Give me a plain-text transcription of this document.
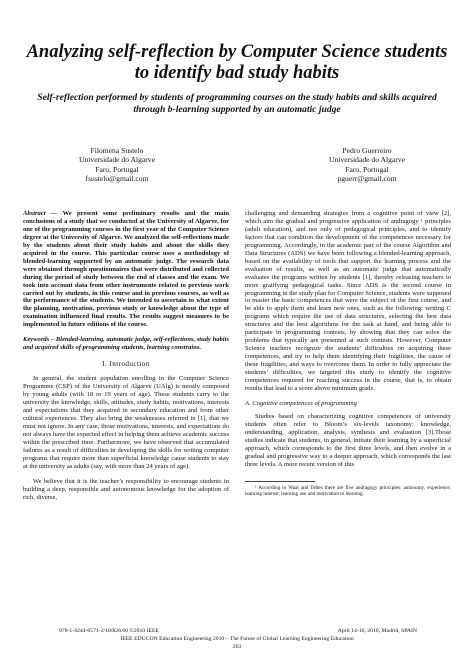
Analyzing self-reflection by Computer Science students to identify bad study habits
Self-reflection performed by students of programming courses on the study habits and skills acquired through b-learning supported by an automatic judge
Filomena Sustelo
Universidade do Algarve
Faro, Portugal
fsustelo@gmail.com
Pedro Guerreiro
Universidade do Algarve
Faro, Portugal
pguerr@gmail.com

Abstract — We present some preliminary results and the main conclusions of a study that we conducted at the University of Algarve, for one of the programming courses in the first year of the Computer Science degree at the University of Algarve. We analyzed the self-reflections made by the students about their study habits and about the skills they acquired in the course. This particular course uses a methodology of blended-learning supported by an automatic judge. The research data were obtained through questionnaires that were distributed and collected during the period of study between the end of classes and the exam. We took into account data from other instruments related to previous work carried out by students, in this course and in previous courses, as well as the performance of the students. We intended to ascertain to what extent the planning, motivation, previous study or knowledge about the type of examination influenced final results. The results suggest measures to be implemented in future editions of the course.

Keywords – Blended-learning, automatic judge, self-reflections, study habits and acquired skills of programming students, learning constrains.

I. Introduction

In general, the student population enrolling in the Computer Science Programme (CSP) of the University of Algarve (UAlg) is mostly composed by young adults (with 18 or 19 years of age). These students carry to the university the knowledge, skills, attitudes, study habits, motivations, interests and expectations that they acquired in secondary education and from other cultural experiences. They also bring the weaknesses referred in [1], that we must not ignore. In any case, those motivations, interests, and expectations do not always have the expected effect in helping them achieve academic success within the prescribed time. Furthermore, we have observed that accumulated failures as a result of difficulties in developing the skills for writing computer programs that require more than superficial knowledge cause students to stay at the university as adults (say, with more than 24 years of age).

We believe that it is the teacher’s responsibility to encourage students in building a deep, responsible and autonomous knowledge for the adoption of rich, diverse,

challenging and demanding strategies from a cognitive point of view [2], which aim the gradual and progressive application of andragogy ¹ principles (adult education), and not only of pedagogical principles, and to identify factors that can condition the development of the competences necessary for programming. Accordingly, in the academic part of the course Algorithm and Data Structures (ADS) we have been following a blended-learning approach, based on the availability of tools that support the learning process and the evaluation of results, as well as an automatic judge that automatically evaluates the programs written by students [1], thereby releasing teachers to more gratifying pedagogical tasks. Since ADS is the second course in programming in the study plan for Computer Science, students were supposed to master the basic competences that were the subject of the first course, and be able to apply them and learn new ones, such as the following: writing C programs which require the use of data structures, selecting the best data structures and the best algorithms for the task at hand, and being able to participate in programming contests, by showing that they can solve the problems that typically are presented at such contests. However, Computer Science teachers recognize the students’ difficulties on acquiring these competences, and try to help them identifying their fragilities, the cause of these fragilities, and ways to overcome them. In order to fully appreciate the students’ difficulties, we targeted this study to identify the cognitive competences required for reaching success in the course, that is, to obtain results that lead to a score above minimum grade.

A. Cognitive competences of programming

Studies based on characterizing cognitive competences of university students often refer to Bloom’s six-levels taxonomy: knowledge, understanding, application, analysis, synthesis and evaluation [3].Those studies indicate that students, in general, initiate their learning by a superficial approach, which corresponds to the first three levels, and then evolve in a gradual and progressive way to a deeper approach, which corresponds the last three levels. A more recent version of this

¹ According to Waal and Telles there are five andragogy principles: autonomy, experience, learning interest, learning use and motivation to learning.
978-1-4244-6571-2/10/$26.00 ©2010 IEEE	April 14-16, 2010, Madrid, SPAIN
IEEE EDUCON Education Engineering 2010 – The Future of Global Learning Engineering Education
263
